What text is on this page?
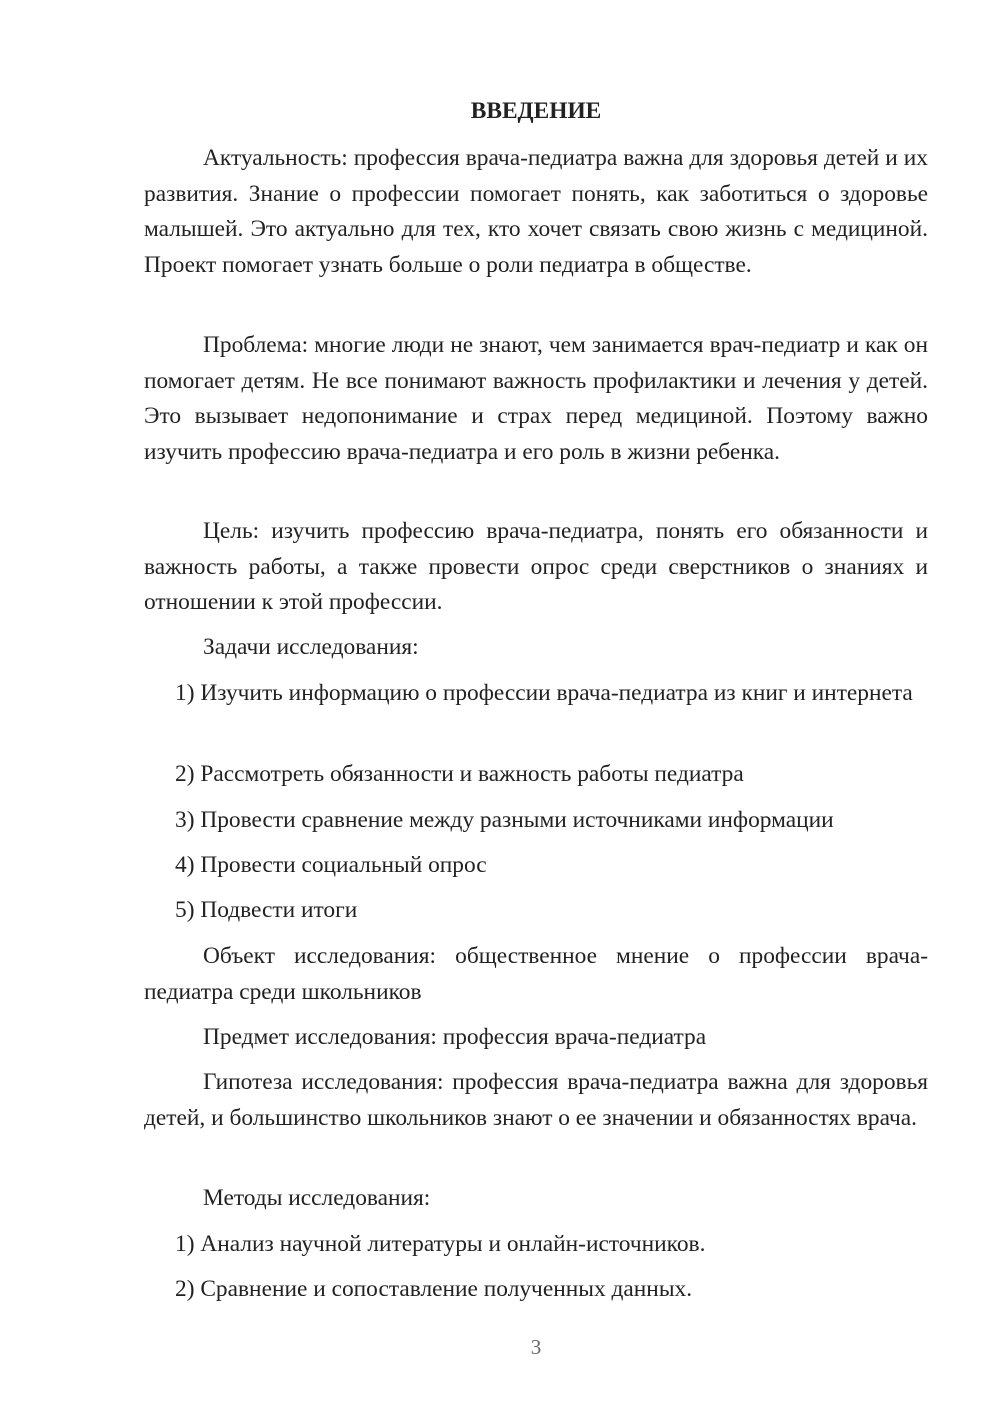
ВВЕДЕНИЕ

Актуальность: профессия врача-педиатра важна для здоровья детей и их развития. Знание о профессии помогает понять, как заботиться о здоровье малышей. Это актуально для тех, кто хочет связать свою жизнь с медициной. Проект помогает узнать больше о роли педиатра в обществе.

Проблема: многие люди не знают, чем занимается врач-педиатр и как он помогает детям. Не все понимают важность профилактики и лечения у детей. Это вызывает недопонимание и страх перед медициной. Поэтому важно изучить профессию врача-педиатра и его роль в жизни ребенка.

Цель: изучить профессию врача-педиатра, понять его обязанности и важность работы, а также провести опрос среди сверстников о знаниях и отношении к этой профессии.

Задачи исследования:

1) Изучить информацию о профессии врача-педиатра из книг и интернета

2) Рассмотреть обязанности и важность работы педиатра

3) Провести сравнение между разными источниками информации

4) Провести социальный опрос

5) Подвести итоги

Объект исследования: общественное мнение о профессии врача-педиатра среди школьников

Предмет исследования: профессия врача-педиатра

Гипотеза исследования: профессия врача-педиатра важна для здоровья детей, и большинство школьников знают о ее значении и обязанностях врача.

Методы исследования:

1) Анализ научной литературы и онлайн-источников.

2) Сравнение и сопоставление полученных данных.

3
